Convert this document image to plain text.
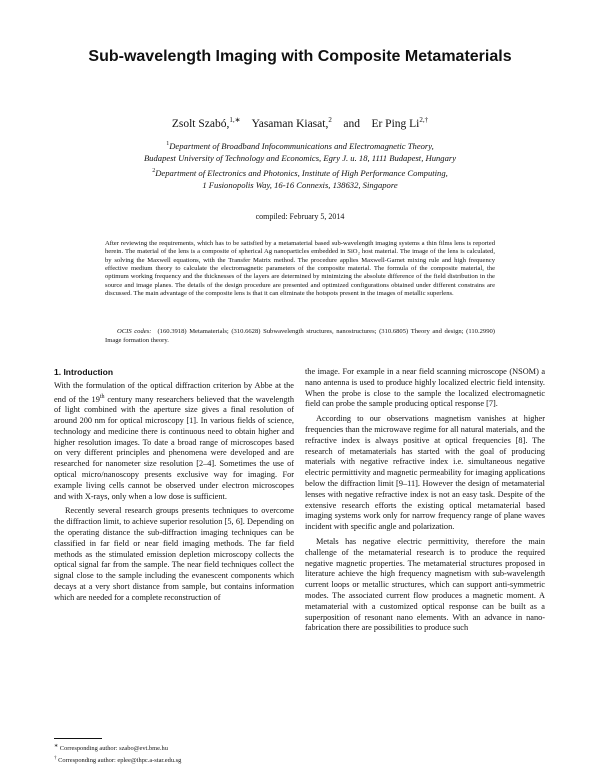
Sub-wavelength Imaging with Composite Metamaterials
Zsolt Szabó,$^{1,∗}$ Yasaman Kiasat,$^2$ and Er Ping $Li^{2,\dagger}$
$^1$Department of Broadband Infocommunications and Electromagnetic Theory,
Budapest University of Technology and Economics, Egry J. u. 18, 1111 Budapest, Hungary
$^2$Department of Electronics and Photonics, Institute of High Performance Computing,
1 Fusionopolis Way, 16-16 Connexis, 138632, Singapore
compiled: February 5, 2014
After reviewing the requirements, which has to be satisfied by a metamaterial based sub-wavelength imaging systems a thin films lens is reported herein. The material of the lens is a composite of spherical Ag nanoparticles embedded in SiO₂ host material. The image of the lens is calculated, by solving the Maxwell equations, with the Transfer Matrix method. The procedure applies Maxwell-Garnet mixing rule and high frequency effective medium theory to calculate the electromagnetic parameters of the composite material. The formula of the composite material, the optimum working frequency and the thicknesses of the layers are determined by minimizing the absolute difference of the field distribution in the source and image planes. The details of the design procedure are presented and optimized configurations obtained under different constrains are discussed. The main advantage of the composite lens is that it can eliminate the hotspots present in the images of metallic superlens.
OCIS codes: (160.3918) Metamaterials; (310.6628) Subwavelength structures, nanostructures; (310.6805) Theory and design; (110.2990) Image formation theory.
1. Introduction

With the formulation of the optical diffraction criterion by Abbe at the end of the 19th century many researchers believed that the wavelength of light combined with the aperture size gives a final resolution of around 200 nm for optical microscopy [1]. In various fields of science, technology and medicine there is continuous need to obtain higher and higher resolution images. To date a broad range of microscopes based on very different principles and phenomena were developed and are researched for nanometer size resolution [2–4]. Sometimes the use of optical micro/nanoscopy presents exclusive way for imaging. For example living cells cannot be observed under electron microscopes and with X-rays, only when a low dose is sufficient.

Recently several research groups presents techniques to overcome the diffraction limit, to achieve superior resolution [5, 6]. Depending on the operating distance the sub-diffraction imaging techniques can be classified in far field or near field imaging methods. The far field methods as the stimulated emission depletion microscopy collects the optical signal far from the sample. The near field techniques collect the signal close to the sample including the evanescent components which decays at a very short distance from sample, but contains information which are needed for a complete reconstruction of

the image. For example in a near field scanning microscope (NSOM) a nano antenna is used to produce highly localized electric field intensity. When the probe is close to the sample the localized electromagnetic field can probe the sample producing optical response [7].

According to our observations magnetism vanishes at higher frequencies than the microwave regime for all natural materials, and the refractive index is always positive at optical frequencies [8]. The research of metamaterials has started with the goal of producing materials with negative refractive index i.e. simultaneous negative electric permittivity and magnetic permeability for imaging applications below the diffraction limit [9–11]. However the design of metamaterial lenses with negative refractive index is not an easy task. Despite of the extensive research efforts the existing optical metamaterial based imaging systems work only for narrow frequency range of plane waves incident with specific angle and polarization.

Metals has negative electric permittivity, therefore the main challenge of the metamaterial research is to produce the required negative magnetic properties. The metamaterial structures proposed in literature achieve the high frequency magnetism with sub-wavelength current loops or metallic structures, which can support anti-symmetric modes. The associated current flow produces a magnetic moment. A metamaterial with a customized optical response can be built as a superposition of resonant nano elements. With an advance in nano-fabrication there are possibilities to produce such

∗ Corresponding author: szabo@evt.bme.hu
† Corresponding author: eplee@ihpc.a-star.edu.sg
